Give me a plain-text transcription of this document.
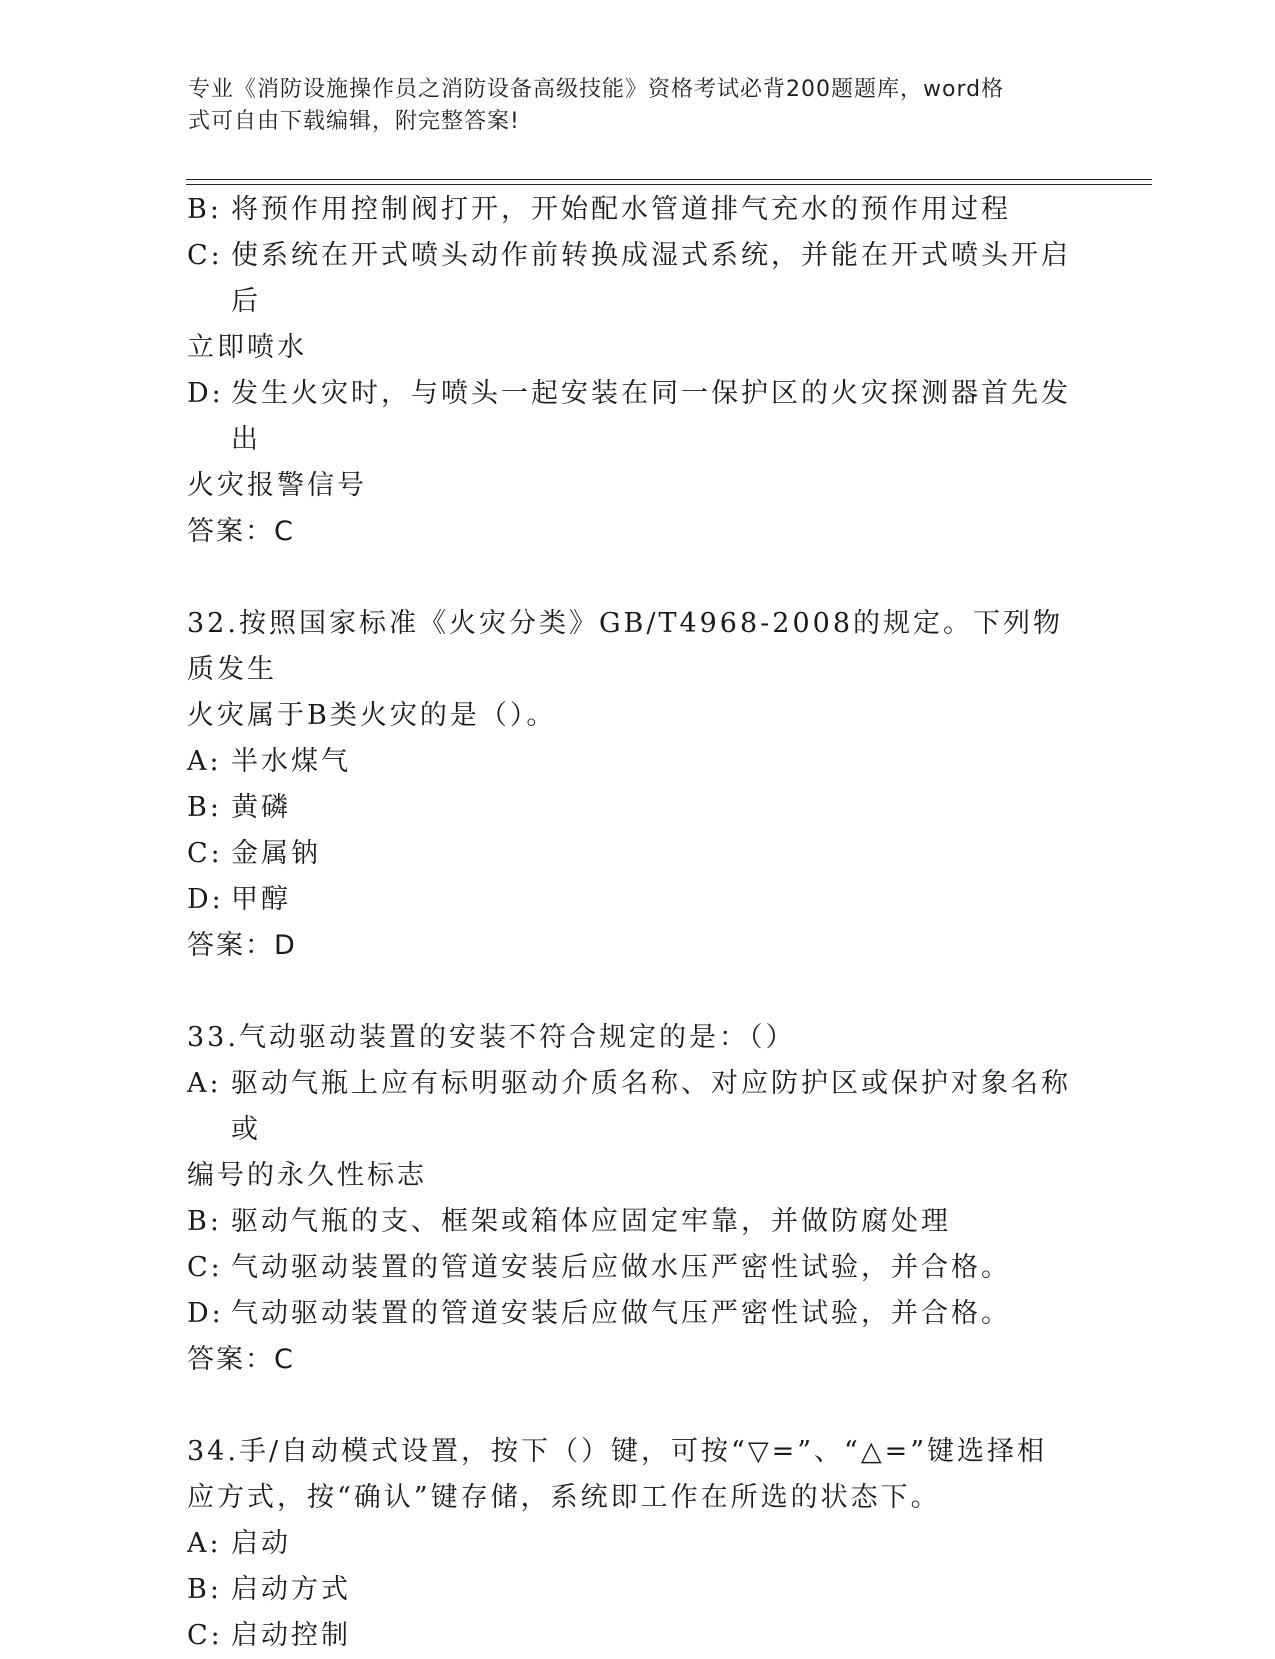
专业《消防设施操作员之消防设备高级技能》资格考试必背200题题库，word格
式可自由下载编辑，附完整答案!
B: 将预作用控制阀打开，开始配水管道排气充水的预作用过程
C: 使系统在开式喷头动作前转换成湿式系统，并能在开式喷头开启后
立即喷水
D: 发生火灾时，与喷头一起安装在同一保护区的火灾探测器首先发出
火灾报警信号
答案：C
32.按照国家标准《火灾分类》GB/T4968-2008的规定。下列物质发生
火灾属于B类火灾的是（）。
A: 半水煤气
B: 黄磷
C: 金属钠
D: 甲醇
答案：D
33.气动驱动装置的安装不符合规定的是：（）
A: 驱动气瓶上应有标明驱动介质名称、对应防护区或保护对象名称或
编号的永久性标志
B: 驱动气瓶的支、框架或箱体应固定牢靠，并做防腐处理
C: 气动驱动装置的管道安装后应做水压严密性试验，并合格。
D: 气动驱动装置的管道安装后应做气压严密性试验，并合格。
答案：C
34.手/自动模式设置，按下（）键，可按“▽=”、“△=”键选择相
应方式，按“确认”键存储，系统即工作在所选的状态下。
A: 启动
B: 启动方式
C: 启动控制
